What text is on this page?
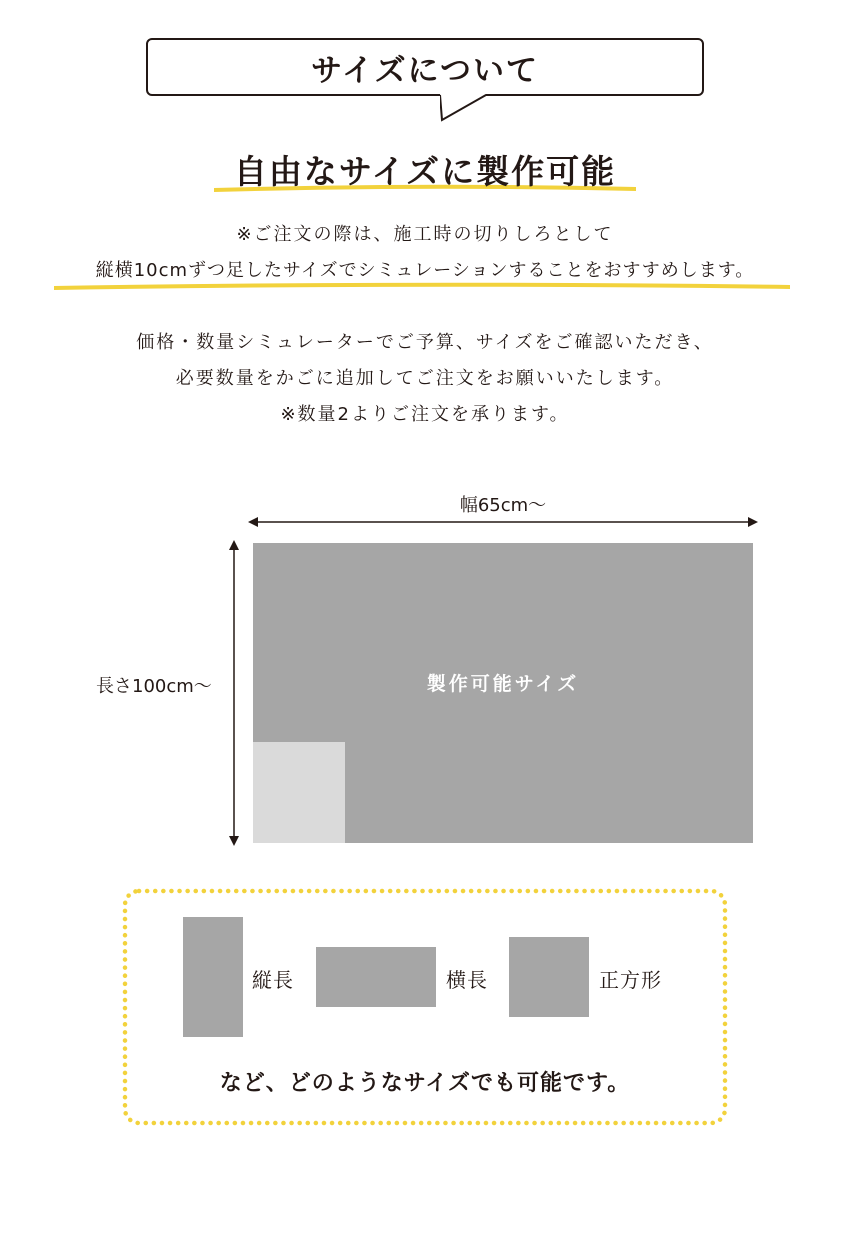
サイズについて
自由なサイズに製作可能
※ご注文の際は、施工時の切りしろとして
縦横10cmずつ足したサイズでシミュレーションすることをおすすめします。
価格・数量シミュレーターでご予算、サイズをご確認いただき、
必要数量をかごに追加してご注文をお願いいたします。
※数量2よりご注文を承ります。
幅65cm～
長さ100cm～	製作可能サイズ
縦長	横長	正方形
など、どのようなサイズでも可能です。
